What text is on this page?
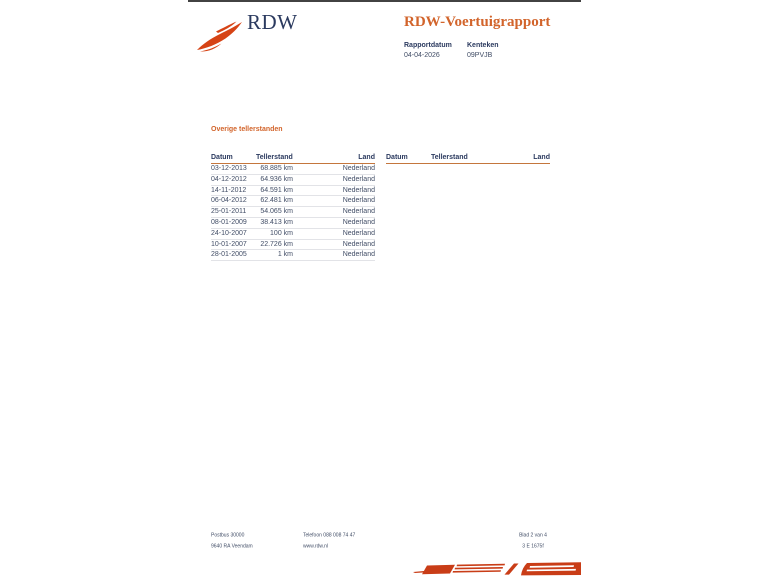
RDW	RDW-Voertuigrapport
Rapportdatum
04-04-2026
Kenteken
09PVJB
Overige tellerstanden
Datum	Tellerstand	Land
03-12-2013	68.885 km	Nederland
04-12-2012	64.936 km	Nederland
14-11-2012	64.591 km	Nederland
06-04-2012	62.481 km	Nederland
25-01-2011	54.065 km	Nederland
08-01-2009	38.413 km	Nederland
24-10-2007	100 km	Nederland
10-01-2007	22.726 km	Nederland
28-01-2005	1 km	Nederland
Datum	Tellerstand	Land
Postbus 30000
9640 RA Veendam
Telefoon 088 008 74 47
www.rdw.nl
Blad 2 van 4
3 E 1675f
